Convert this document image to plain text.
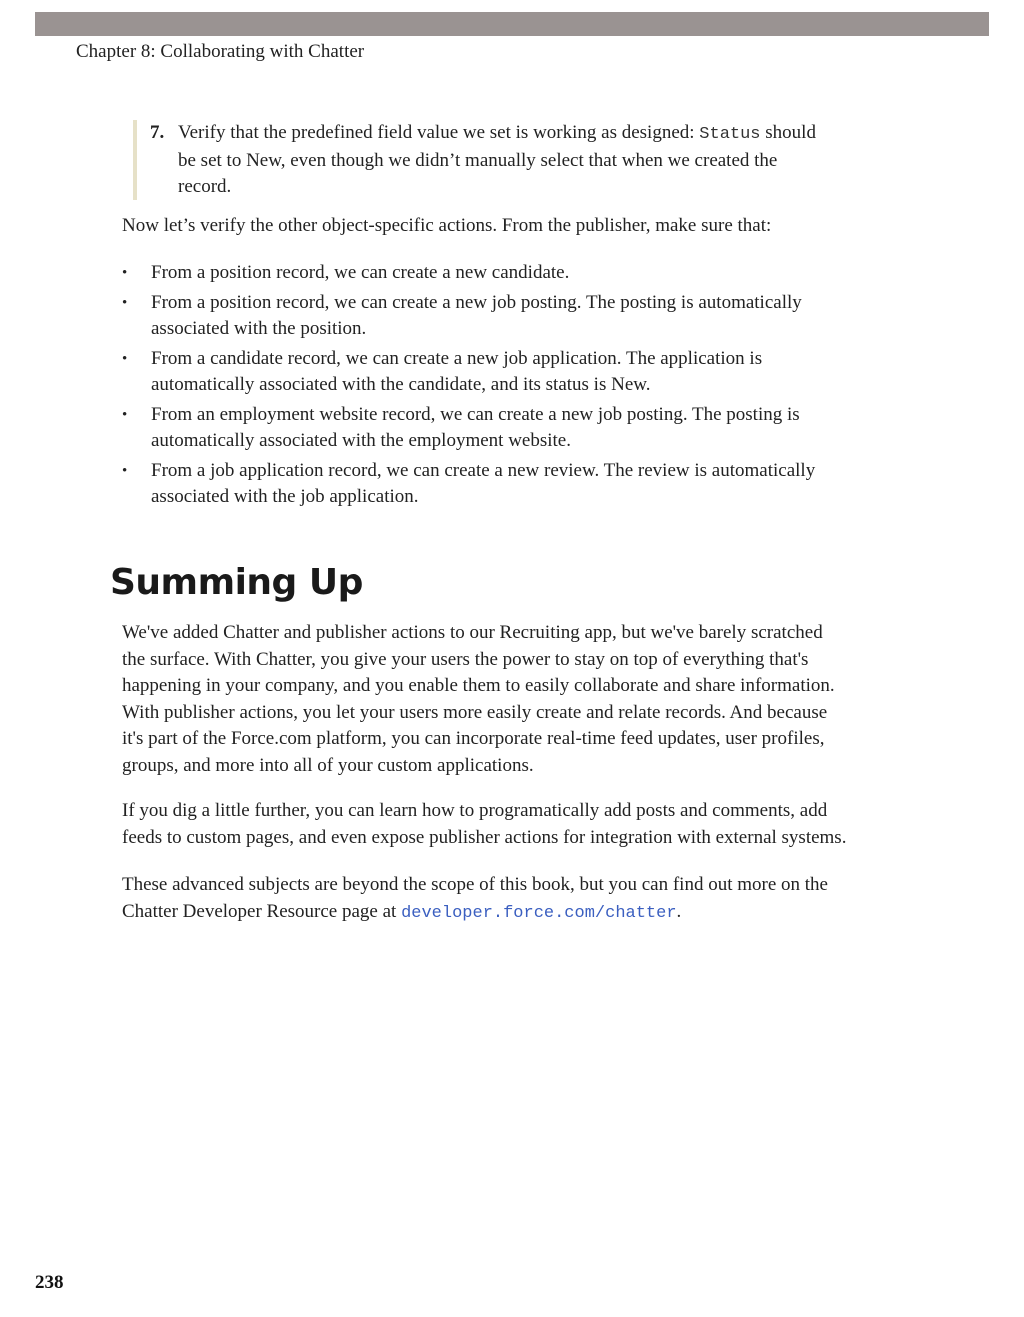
Chapter 8: Collaborating with Chatter
7. Verify that the predefined field value we set is working as designed: Status should
be set to New, even though we didn’t manually select that when we created the
record.
Now let’s verify the other object-specific actions. From the publisher, make sure that:
• From a position record, we can create a new candidate.
• From a position record, we can create a new job posting. The posting is automatically
associated with the position.
• From a candidate record, we can create a new job application. The application is
automatically associated with the candidate, and its status is New.
• From an employment website record, we can create a new job posting. The posting is
automatically associated with the employment website.
• From a job application record, we can create a new review. The review is automatically
associated with the job application.
Summing Up
We've added Chatter and publisher actions to our Recruiting app, but we've barely scratched
the surface. With Chatter, you give your users the power to stay on top of everything that's
happening in your company, and you enable them to easily collaborate and share information.
With publisher actions, you let your users more easily create and relate records. And because
it's part of the Force.com platform, you can incorporate real-time feed updates, user profiles,
groups, and more into all of your custom applications.
If you dig a little further, you can learn how to programatically add posts and comments, add
feeds to custom pages, and even expose publisher actions for integration with external systems.
These advanced subjects are beyond the scope of this book, but you can find out more on the
Chatter Developer Resource page at developer.force.com/chatter.
238
